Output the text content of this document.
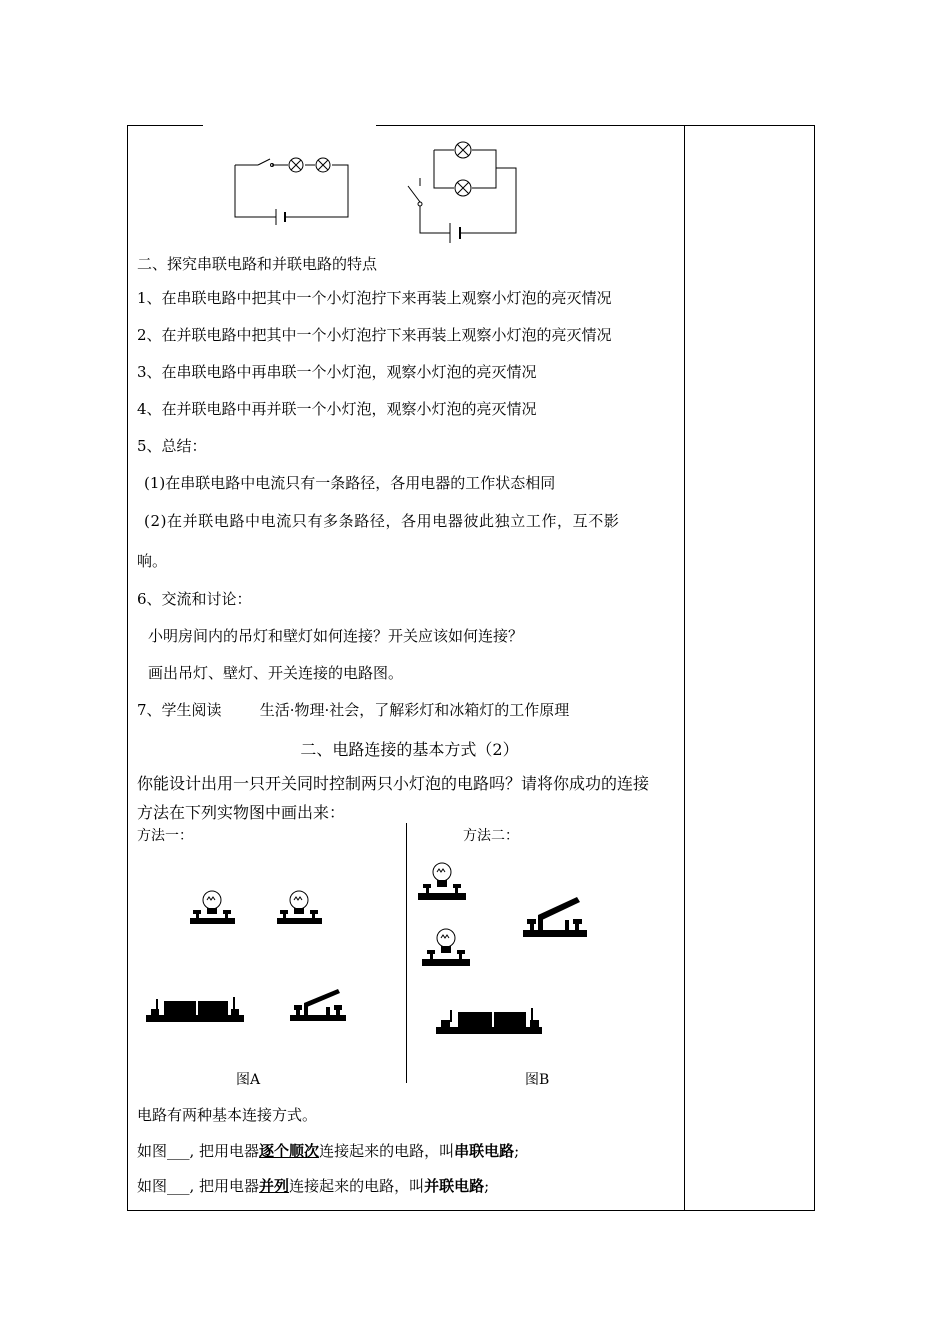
二、探究串联电路和并联电路的特点
1、在串联电路中把其中一个小灯泡拧下来再装上观察小灯泡的亮灭情况
2、在并联电路中把其中一个小灯泡拧下来再装上观察小灯泡的亮灭情况
3、在串联电路中再串联一个小灯泡，观察小灯泡的亮灭情况
4、在并联电路中再并联一个小灯泡，观察小灯泡的亮灭情况
5、总结：
(1)在串联电路中电流只有一条路径，各用电器的工作状态相同
(2)在并联电路中电流只有多条路径，各用电器彼此独立工作，互不影
响。
6、交流和讨论：
小明房间内的吊灯和壁灯如何连接？开关应该如何连接？
画出吊灯、壁灯、开关连接的电路图。
7、学生阅读        生活·物理·社会，了解彩灯和冰箱灯的工作原理
二、电路连接的基本方式（2）
你能设计出用一只开关同时控制两只小灯泡的电路吗？请将你成功的连接
方法在下列实物图中画出来：
方法一：	方法二：
图A	图B
电路有两种基本连接方式。
如图___, 把用电器逐个顺次连接起来的电路，叫串联电路;
如图___, 把用电器并列连接起来的电路，叫并联电路;
